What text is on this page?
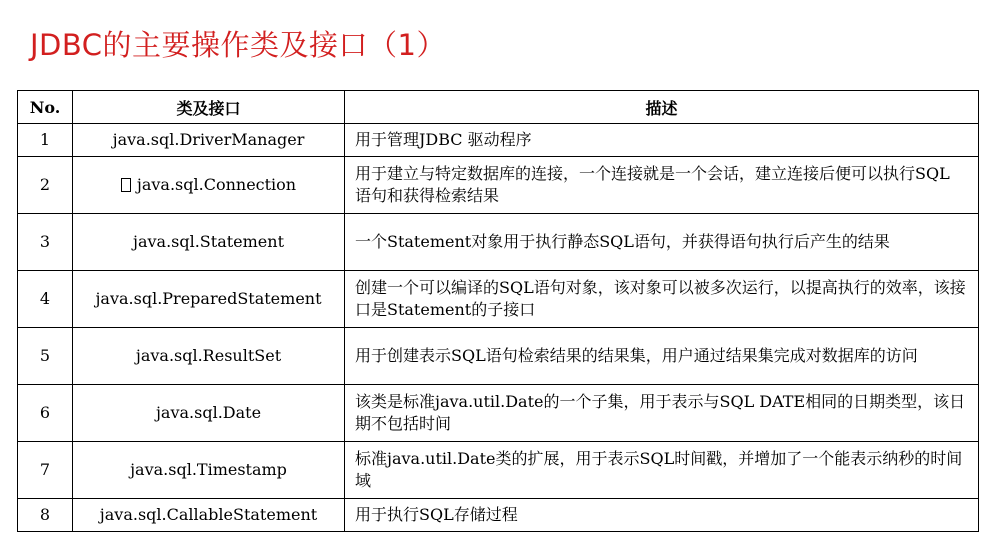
JDBC的主要操作类及接口（1）
No.	类及接口	描述
1	java.sql.DriverManager	用于管理JDBC 驱动程序
2	java.sql.Connection	用于建立与特定数据库的连接，一个连接就是一个会话，建立连接后便可以执行SQL 语句和获得检索结果
3	java.sql.Statement	一个Statement对象用于执行静态SQL语句，并获得语句执行后产生的结果
4	java.sql.PreparedStatement	创建一个可以编译的SQL语句对象，该对象可以被多次运行，以提高执行的效率，该接口是Statement的子接口
5	java.sql.ResultSet	用于创建表示SQL语句检索结果的结果集，用户通过结果集完成对数据库的访问
6	java.sql.Date	该类是标准java.util.Date的一个子集，用于表示与SQL DATE相同的日期类型，该日期不包括时间
7	java.sql.Timestamp	标准java.util.Date类的扩展，用于表示SQL时间戳，并增加了一个能表示纳秒的时间域
8	java.sql.CallableStatement	用于执行SQL存储过程
